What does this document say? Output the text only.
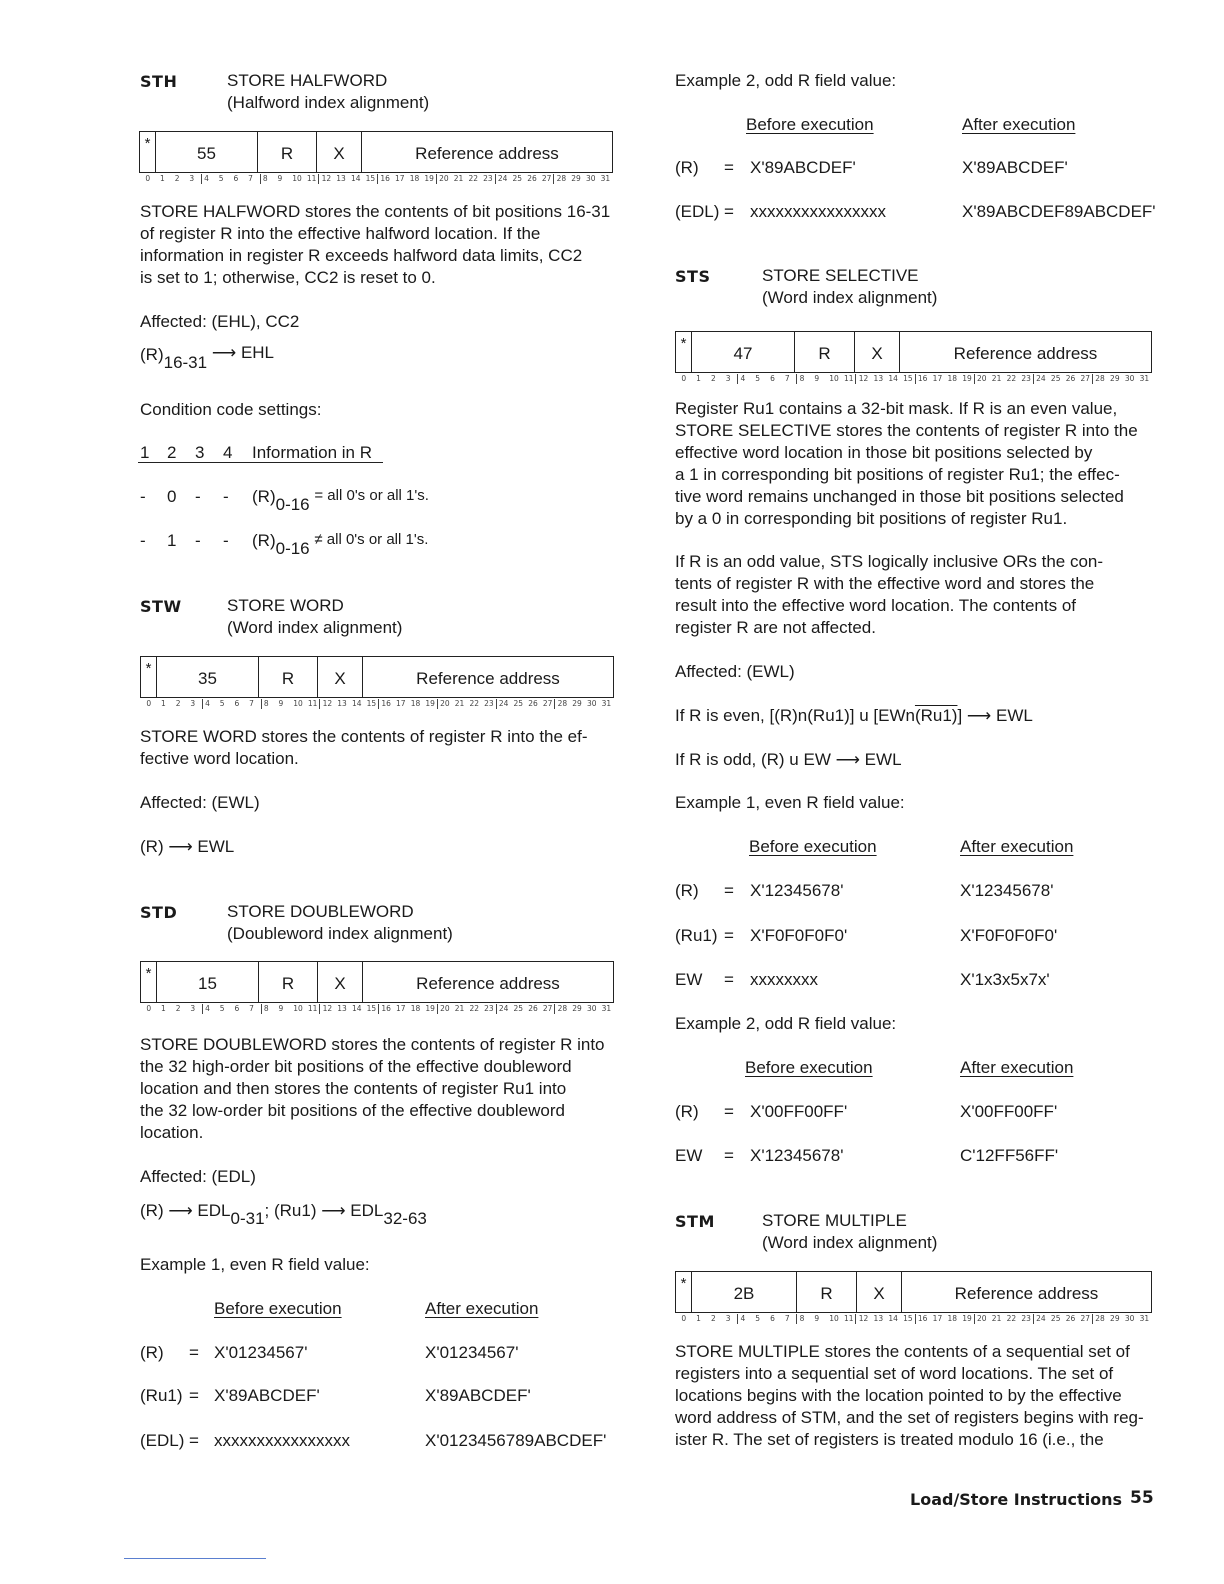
STH	STORE HALFWORD
(Halfword index alignment)
*
55	R	X	Reference address
0 1 2 3 4 5 6 7 8 9 10 11 12 13 14 15 16 17 18 19 20 21 22 23 24 25 26 27 28 29 30 31
STORE HALFWORD stores the contents of bit positions 16-31
of register R into the effective halfword location. If the
information in register R exceeds halfword data limits, CC2
is set to 1; otherwise, CC2 is reset to 0.
Affected: (EHL), CC2
(R)16-31 ⟶ EHL
Condition code settings:
1 2 3 4 Information in R
- 0 - - (R)0-16 = all 0's or all 1's.
- 1 - - (R)0-16 ≠ all 0's or all 1's.
STW	STORE WORD
(Word index alignment)
*
35	R	X	Reference address
0 1 2 3 4 5 6 7 8 9 10 11 12 13 14 15 16 17 18 19 20 21 22 23 24 25 26 27 28 29 30 31
STORE WORD stores the contents of register R into the ef-
fective word location.
Affected: (EWL)
(R) ⟶ EWL
STD	STORE DOUBLEWORD
(Doubleword index alignment)
*
15	R	X	Reference address
0 1 2 3 4 5 6 7 8 9 10 11 12 13 14 15 16 17 18 19 20 21 22 23 24 25 26 27 28 29 30 31
STORE DOUBLEWORD stores the contents of register R into
the 32 high-order bit positions of the effective doubleword
location and then stores the contents of register Ru1 into
the 32 low-order bit positions of the effective doubleword
location.
Affected: (EDL)
(R) ⟶ EDL0-31; (Ru1) ⟶ EDL32-63
Example 1, even R field value:
Before execution	After execution
(R) = X'01234567'	X'01234567'
(Ru1) = X'89ABCDEF'	X'89ABCDEF'
(EDL) = xxxxxxxxxxxxxxxx	X'0123456789ABCDEF'
Example 2, odd R field value:
Before execution	After execution
(R) = X'89ABCDEF'	X'89ABCDEF'
(EDL) = xxxxxxxxxxxxxxxx	X'89ABCDEF89ABCDEF'
STS	STORE SELECTIVE
(Word index alignment)
*
47	R	X	Reference address
0 1 2 3 4 5 6 7 8 9 10 11 12 13 14 15 16 17 18 19 20 21 22 23 24 25 26 27 28 29 30 31
Register Ru1 contains a 32-bit mask. If R is an even value,
STORE SELECTIVE stores the contents of register R into the
effective word location in those bit positions selected by
a 1 in corresponding bit positions of register Ru1; the effec-
tive word remains unchanged in those bit positions selected
by a 0 in corresponding bit positions of register Ru1.
If R is an odd value, STS logically inclusive ORs the con-
tents of register R with the effective word and stores the
result into the effective word location. The contents of
register R are not affected.
Affected: (EWL)
If R is even, [(R)n(Ru1)] u [EWn(Ru1)] ⟶ EWL
If R is odd, (R) u EW ⟶ EWL
Example 1, even R field value:
Before execution	After execution
(R) = X'12345678'	X'12345678'
(Ru1) = X'F0F0F0F0'	X'F0F0F0F0'
EW = xxxxxxxx	X'1x3x5x7x'
Example 2, odd R field value:
Before execution	After execution
(R) = X'00FF00FF'	X'00FF00FF'
EW = X'12345678'	C'12FF56FF'
STM	STORE MULTIPLE
(Word index alignment)
*
2B	R	X	Reference address
0 1 2 3 4 5 6 7 8 9 10 11 12 13 14 15 16 17 18 19 20 21 22 23 24 25 26 27 28 29 30 31
STORE MULTIPLE stores the contents of a sequential set of
registers into a sequential set of word locations. The set of
locations begins with the location pointed to by the effective
word address of STM, and the set of registers begins with reg-
ister R. The set of registers is treated modulo 16 (i.e., the
Load/Store Instructions 55
